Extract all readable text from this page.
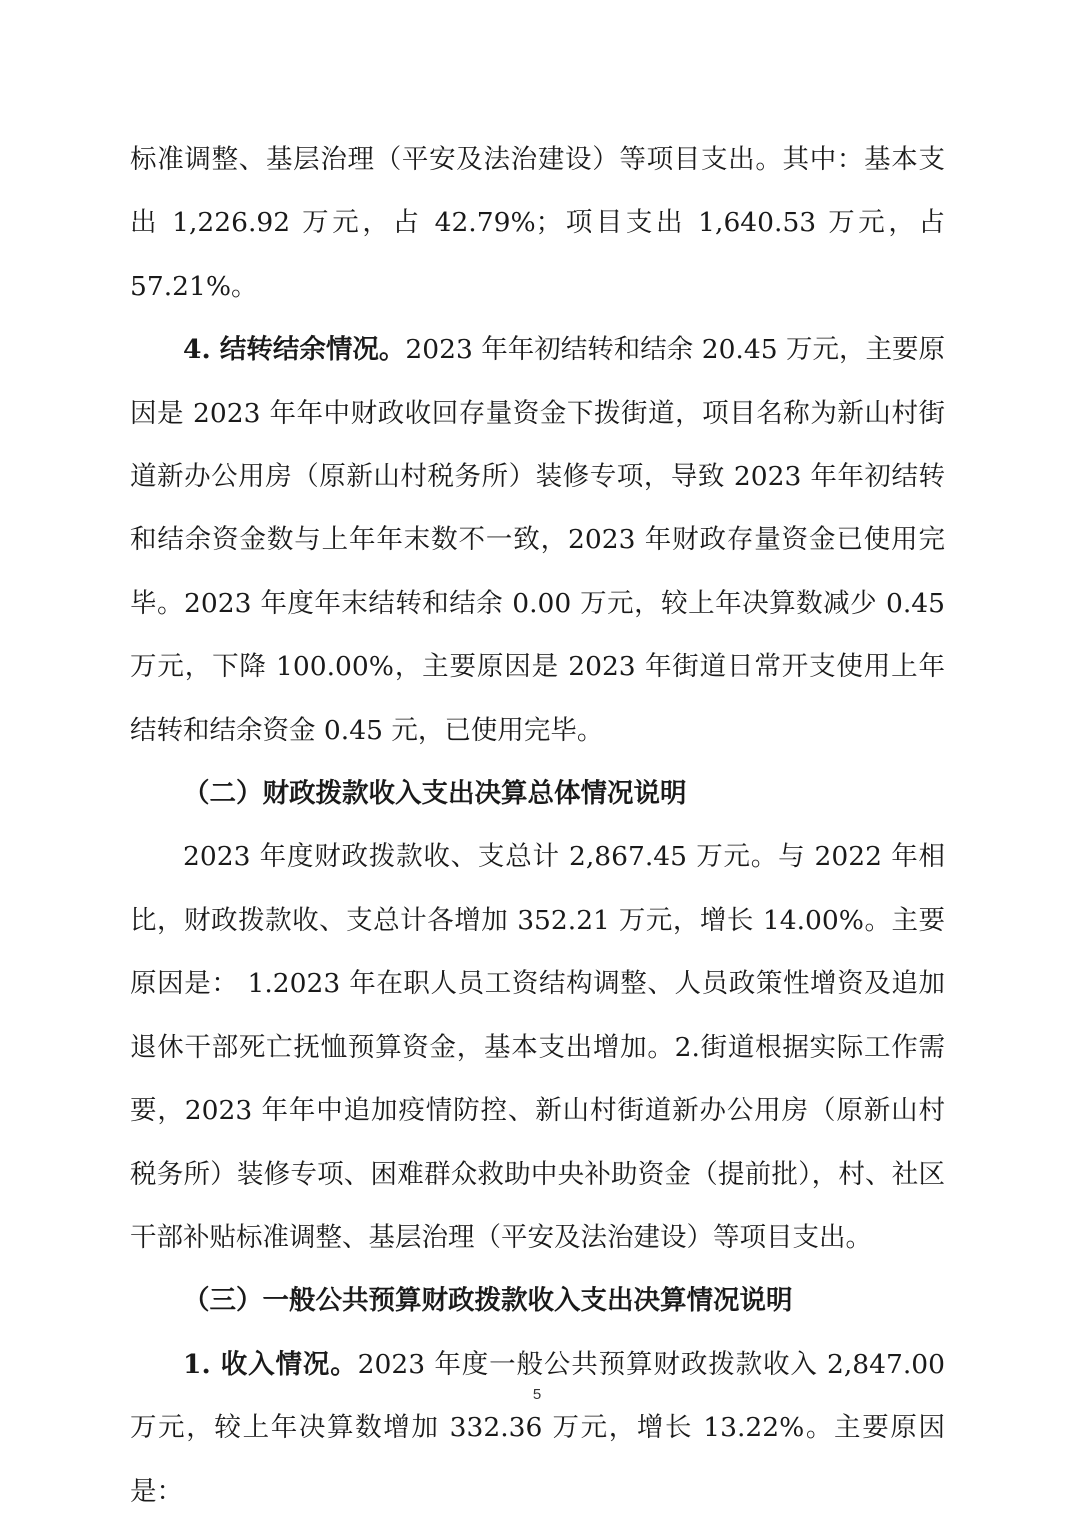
标准调整、基层治理（平安及法治建设）等项目支出。其中：基本支出 1,226.92 万元，占 42.79%；项目支出 1,640.53 万元，占 57.21%。

4. 结转结余情况。2023 年年初结转和结余 20.45 万元，主要原因是 2023 年年中财政收回存量资金下拨街道，项目名称为新山村街道新办公用房（原新山村税务所）装修专项，导致 2023 年年初结转和结余资金数与上年年末数不一致，2023 年财政存量资金已使用完毕。2023 年度年末结转和结余 0.00 万元，较上年决算数减少 0.45 万元，下降 100.00%，主要原因是 2023 年街道日常开支使用上年结转和结余资金 0.45 元，已使用完毕。

（二）财政拨款收入支出决算总体情况说明

2023 年度财政拨款收、支总计 2,867.45 万元。与 2022 年相比，财政拨款收、支总计各增加 352.21 万元，增长 14.00%。主要原因是： 1.2023 年在职人员工资结构调整、人员政策性增资及追加退休干部死亡抚恤预算资金，基本支出增加。2.街道根据实际工作需要，2023 年年中追加疫情防控、新山村街道新办公用房（原新山村税务所）装修专项、困难群众救助中央补助资金（提前批），村、社区干部补贴标准调整、基层治理（平安及法治建设）等项目支出。

（三）一般公共预算财政拨款收入支出决算情况说明

1. 收入情况。2023 年度一般公共预算财政拨款收入 2,847.00 万元，较上年决算数增加 332.36 万元，增长 13.22%。主要原因是：

5
